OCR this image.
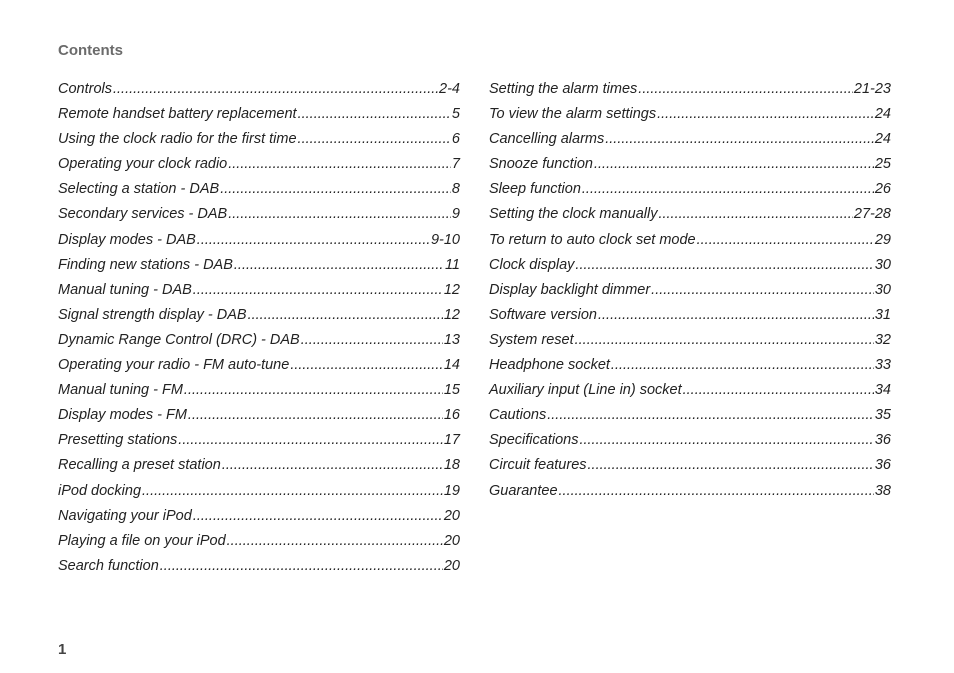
Contents
Controls .....	2-4
Remote handset battery replacement .....	5
Using the clock radio for the first time .....	6
Operating your clock radio .....	7
Selecting a station - DAB .....	8
Secondary services - DAB .....	9
Display modes - DAB .....	9-10
Finding new stations - DAB .....	11
Manual tuning - DAB .....	12
Signal strength display - DAB .....	12
Dynamic Range Control (DRC) - DAB .....	13
Operating your radio - FM auto-tune .....	14
Manual tuning - FM .....	15
Display modes - FM .....	16
Presetting stations .....	17
Recalling a preset station .....	18
iPod docking .....	19
Navigating your iPod .....	20
Playing a file on your iPod .....	20
Search function .....	20
Setting the alarm times .....	21-23
To view the alarm settings .....	24
Cancelling alarms .....	24
Snooze function .....	25
Sleep function .....	26
Setting the clock manually .....	27-28
To return to auto clock set mode .....	29
Clock display .....	30
Display backlight dimmer .....	30
Software version .....	31
System reset .....	32
Headphone socket .....	33
Auxiliary input (Line in) socket .....	34
Cautions .....	35
Specifications .....	36
Circuit features .....	36
Guarantee .....	38
1
